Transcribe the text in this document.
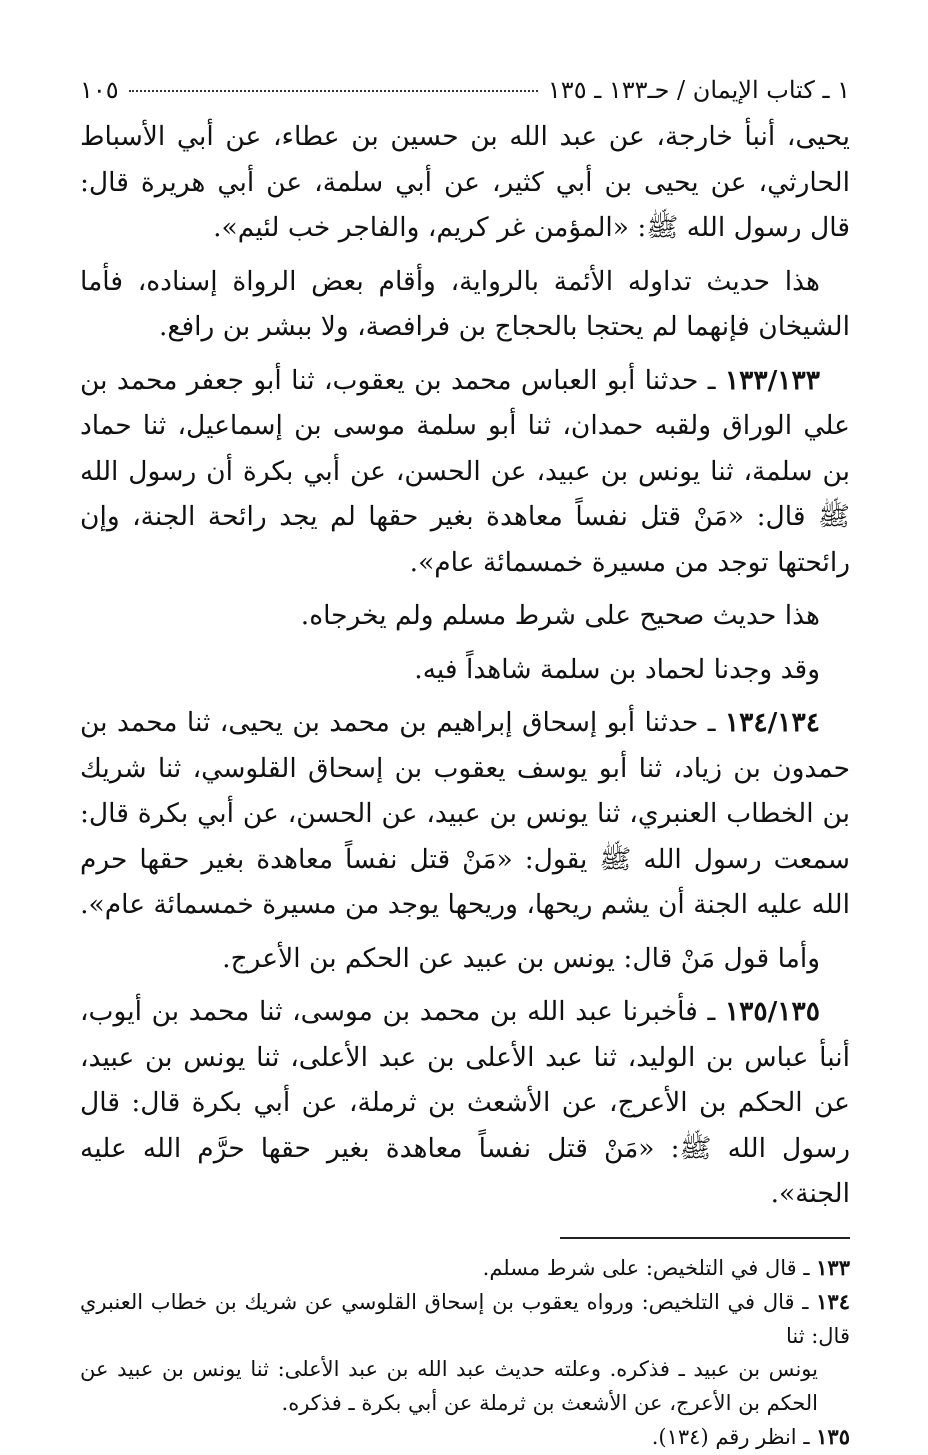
١ ـ كتاب الإيمان / حـ١٣٣ ـ ١٣٥
١٠٥

يحيى، أنبأ خارجة، عن عبد الله بن حسين بن عطاء، عن أبي الأسباط الحارثي، عن يحيى بن أبي كثير، عن أبي سلمة، عن أبي هريرة قال: قال رسول الله ﷺ: «المؤمن غر كريم، والفاجر خب لئيم».

هذا حديث تداوله الأئمة بالرواية، وأقام بعض الرواة إسناده، فأما الشيخان فإنهما لم يحتجا بالحجاج بن فرافصة، ولا ببشر بن رافع.

١٣٣/١٣٣ ـ حدثنا أبو العباس محمد بن يعقوب، ثنا أبو جعفر محمد بن علي الوراق ولقبه حمدان، ثنا أبو سلمة موسى بن إسماعيل، ثنا حماد بن سلمة، ثنا يونس بن عبيد، عن الحسن، عن أبي بكرة أن رسول الله ﷺ قال: «مَنْ قتل نفساً معاهدة بغير حقها لم يجد رائحة الجنة، وإن رائحتها توجد من مسيرة خمسمائة عام».

هذا حديث صحيح على شرط مسلم ولم يخرجاه.

وقد وجدنا لحماد بن سلمة شاهداً فيه.

١٣٤/١٣٤ ـ حدثنا أبو إسحاق إبراهيم بن محمد بن يحيى، ثنا محمد بن حمدون بن زياد، ثنا أبو يوسف يعقوب بن إسحاق القلوسي، ثنا شريك بن الخطاب العنبري، ثنا يونس بن عبيد، عن الحسن، عن أبي بكرة قال: سمعت رسول الله ﷺ يقول: «مَنْ قتل نفساً معاهدة بغير حقها حرم الله عليه الجنة أن يشم ريحها، وريحها يوجد من مسيرة خمسمائة عام».

وأما قول مَنْ قال: يونس بن عبيد عن الحكم بن الأعرج.

١٣٥/١٣٥ ـ فأخبرنا عبد الله بن محمد بن موسى، ثنا محمد بن أيوب، أنبأ عباس بن الوليد، ثنا عبد الأعلى بن عبد الأعلى، ثنا يونس بن عبيد، عن الحكم بن الأعرج، عن الأشعث بن ثرملة، عن أبي بكرة قال: قال رسول الله ﷺ: «مَنْ قتل نفساً معاهدة بغير حقها حرَّم الله عليه الجنة».

١٣٣ ـ قال في التلخيص: على شرط مسلم.

١٣٤ ـ قال في التلخيص: ورواه يعقوب بن إسحاق القلوسي عن شريك بن خطاب العنبري قال: ثنا

يونس بن عبيد ـ فذكره. وعلته حديث عبد الله بن عبد الأعلى: ثنا يونس بن عبيد عن الحكم بن الأعرج، عن الأشعث بن ثرملة عن أبي بكرة ـ فذكره.

١٣٥ ـ انظر رقم (١٣٤).
